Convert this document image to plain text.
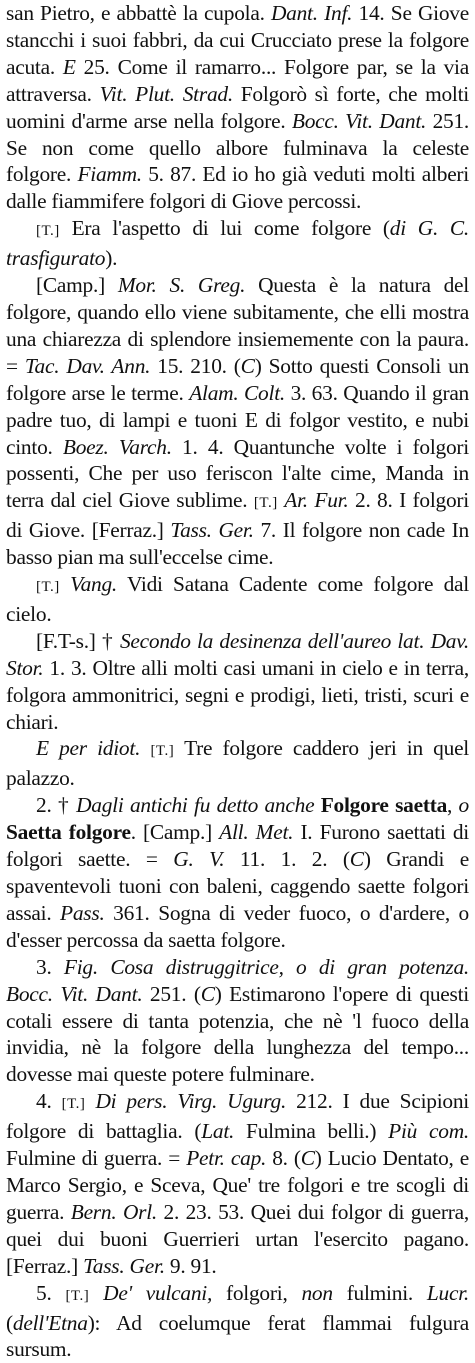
san Pietro, e abbattè la cupola. Dant. Inf. 14. Se Giove stancchi i suoi fabbri, da cui Crucciato prese la folgore acuta. E 25. Come il ramarro... Folgore par, se la via attraversa. Vit. Plut. Strad. Folgorò sì forte, che molti uomini d'arme arse nella folgore. Bocc. Vit. Dant. 251. Se non come quello albore fulminava la celeste folgore. Fiamm. 5. 87. Ed io ho già veduti molti alberi dalle fiammifere folgori di Giove percossi.

[T.] Era l'aspetto di lui come folgore (di G. C. trasfigurato).

[Camp.] Mor. S. Greg. Questa è la natura del folgore, quando ello viene subitamente, che elli mostra una chiarezza di splendore insiememente con la paura. = Tac. Dav. Ann. 15. 210. (C) Sotto questi Consoli un folgore arse le terme. Alam. Colt. 3. 63. Quando il gran padre tuo, di lampi e tuoni E di folgor vestito, e nubi cinto. Boez. Varch. 1. 4. Quantunche volte i folgori possenti, Che per uso feriscon l'alte cime, Manda in terra dal ciel Giove sublime. [T.] Ar. Fur. 2. 8. I folgori di Giove. [Ferraz.] Tass. Ger. 7. Il folgore non cade In basso pian ma sull'eccelse cime.

[T.] Vang. Vidi Satana Cadente come folgore dal cielo.

[F.T-s.] † Secondo la desinenza dell'aureo lat. Dav. Stor. 1. 3. Oltre alli molti casi umani in cielo e in terra, folgora ammonitrici, segni e prodigi, lieti, tristi, scuri e chiari.

E per idiot. [T.] Tre folgore caddero jeri in quel palazzo.

2. † Dagli antichi fu detto anche Folgore saetta, o Saetta folgore. [Camp.] All. Met. I. Furono saettati di folgori saette. = G. V. 11. 1. 2. (C) Grandi e spaventevoli tuoni con baleni, caggendo saette folgori assai. Pass. 361. Sogna di veder fuoco, o d'ardere, o d'esser percossa da saetta folgore.

3. Fig. Cosa distruggitrice, o di gran potenza. Bocc. Vit. Dant. 251. (C) Estimarono l'opere di questi cotali essere di tanta potenzia, che nè 'l fuoco della invidia, nè la folgore della lunghezza del tempo... dovesse mai queste potere fulminare.

4. [T.] Di pers. Virg. Ugurg. 212. I due Scipioni folgore di battaglia. (Lat. Fulmina belli.) Più com. Fulmine di guerra. = Petr. cap. 8. (C) Lucio Dentato, e Marco Sergio, e Sceva, Que' tre folgori e tre scogli di guerra. Bern. Orl. 2. 23. 53. Quei dui folgor di guerra, quei dui buoni Guerrieri urtan l'esercito pagano. [Ferraz.] Tass. Ger. 9. 91.

5. [T.] De' vulcani, folgori, non fulmini. Lucr. (dell'Etna): Ad coelumque ferat flammai fulgura sursum.
